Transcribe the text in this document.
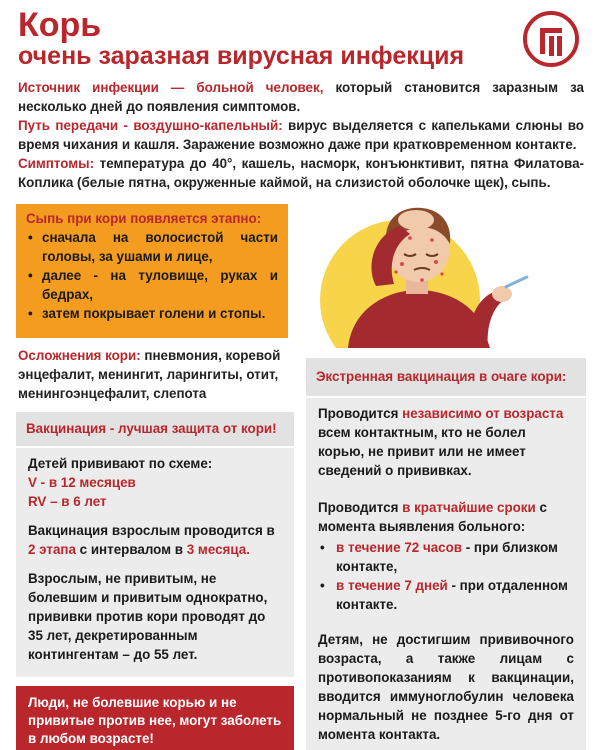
Корь
очень заразная вирусная инфекция

Источник инфекции — больной человек, который становится заразным за несколько дней до появления симптомов.

Путь передачи - воздушно-капельный: вирус выделяется с капельками слюны во время чихания и кашля. Заражение возможно даже при кратковременном контакте.

Симптомы: температура до 40°, кашель, насморк, конъюнктивит, пятна Филатова-Коплика (белые пятна, окруженные каймой, на слизистой оболочке щек), сыпь.

Сыпь при кори появляется этапно:
• сначала на волосистой части головы, за ушами и лице,
• далее - на туловище, руках и бедрах,
• затем покрывает голени и стопы.
Осложнения кори: пневмония, коревой энцефалит, менингит, ларингиты, отит, менингоэнцефалит, слепота
Вакцинация - лучшая защита от кори!

Детей прививают по схеме:
V - в 12 месяцев
RV – в 6 лет

Вакцинация взрослым проводится в 2 этапа с интервалом в 3 месяца.

Взрослым, не привитым, не болевшим и привитым однократно, прививки против кори проводят до 35 лет, декретированным контингентам – до 55 лет.

Люди, не болевшие корью и не привитые против нее, могут заболеть в любом возрасте!
Экстренная вакцинация в очаге кори:

Проводится независимо от возраста всем контактным, кто не болел корью, не привит или не имеет сведений о прививках.

Проводится в кратчайшие сроки с момента выявления больного:

• в течение 72 часов - при близком контакте,
• в течение 7 дней - при отдаленном контакте.

Детям, не достигшим прививочного возраста, а также лицам с противопоказаниям к вакцинации, вводится иммуноглобулин человека нормальный не позднее 5-го дня от момента контакта.
